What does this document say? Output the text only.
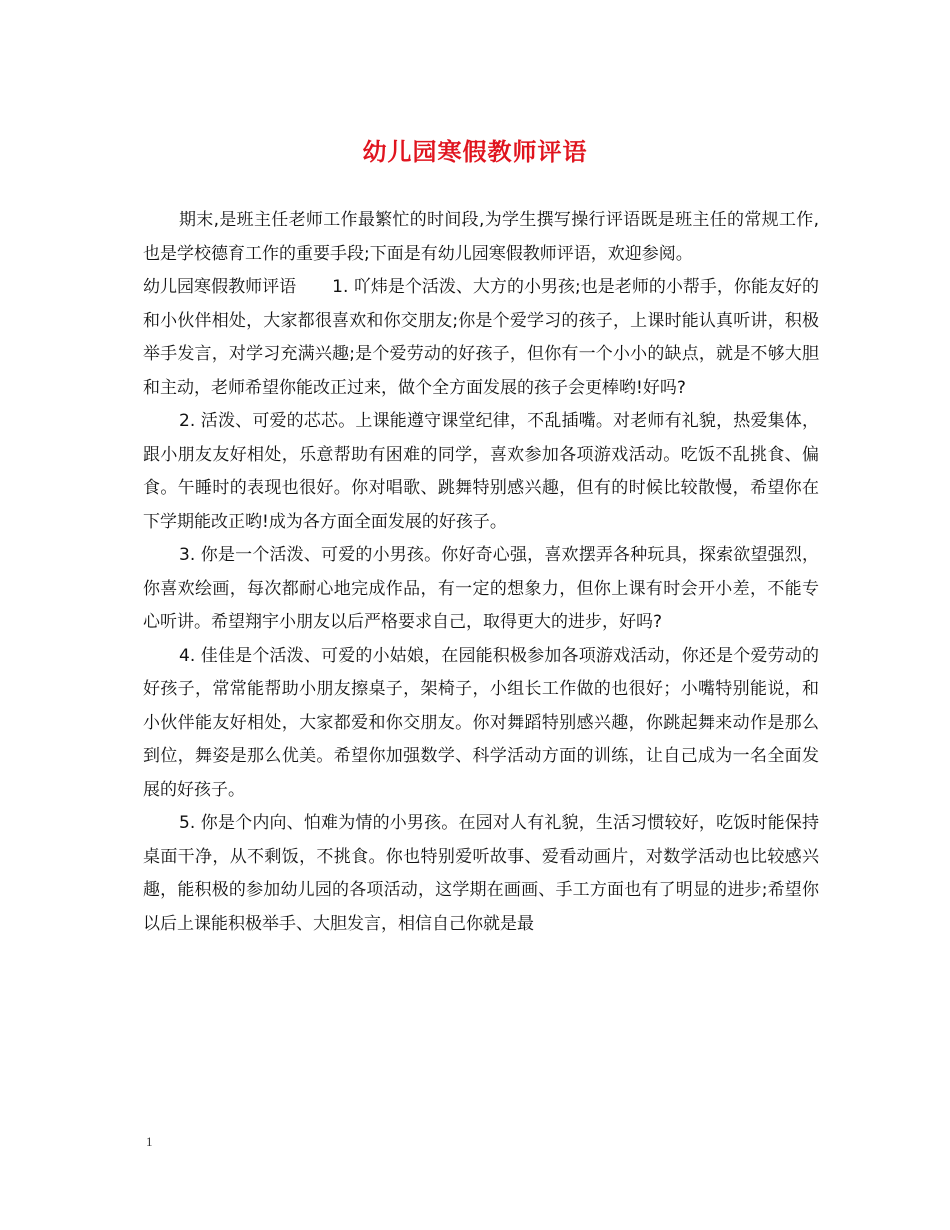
幼儿园寒假教师评语

期末,是班主任老师工作最繁忙的时间段,为学生撰写操行评语既是班主任的常规工作,也是学校德育工作的重要手段;下面是有幼儿园寒假教师评语，欢迎参阅。

幼儿园寒假教师评语 1. 吖炜是个活泼、大方的小男孩;也是老师的小帮手，你能友好的和小伙伴相处，大家都很喜欢和你交朋友;你是个爱学习的孩子，上课时能认真听讲，积极举手发言，对学习充满兴趣;是个爱劳动的好孩子，但你有一个小小的缺点，就是不够大胆和主动，老师希望你能改正过来，做个全方面发展的孩子会更棒哟!好吗?

2. 活泼、可爱的芯芯。上课能遵守课堂纪律，不乱插嘴。对老师有礼貌，热爱集体，跟小朋友友好相处，乐意帮助有困难的同学，喜欢参加各项游戏活动。吃饭不乱挑食、偏食。午睡时的表现也很好。你对唱歌、跳舞特别感兴趣，但有的时候比较散慢，希望你在下学期能改正哟!成为各方面全面发展的好孩子。

3. 你是一个活泼、可爱的小男孩。你好奇心强，喜欢摆弄各种玩具，探索欲望强烈，你喜欢绘画，每次都耐心地完成作品，有一定的想象力，但你上课有时会开小差，不能专心听讲。希望翔宇小朋友以后严格要求自己，取得更大的进步，好吗?

4. 佳佳是个活泼、可爱的小姑娘，在园能积极参加各项游戏活动，你还是个爱劳动的好孩子，常常能帮助小朋友擦桌子，架椅子，小组长工作做的也很好；小嘴特别能说，和小伙伴能友好相处，大家都爱和你交朋友。你对舞蹈特别感兴趣，你跳起舞来动作是那么到位，舞姿是那么优美。希望你加强数学、科学活动方面的训练，让自己成为一名全面发展的好孩子。

5. 你是个内向、怕难为情的小男孩。在园对人有礼貌，生活习惯较好，吃饭时能保持桌面干净，从不剩饭，不挑食。你也特别爱听故事、爱看动画片，对数学活动也比较感兴趣，能积极的参加幼儿园的各项活动，这学期在画画、手工方面也有了明显的进步;希望你以后上课能积极举手、大胆发言，相信自己你就是最

1
